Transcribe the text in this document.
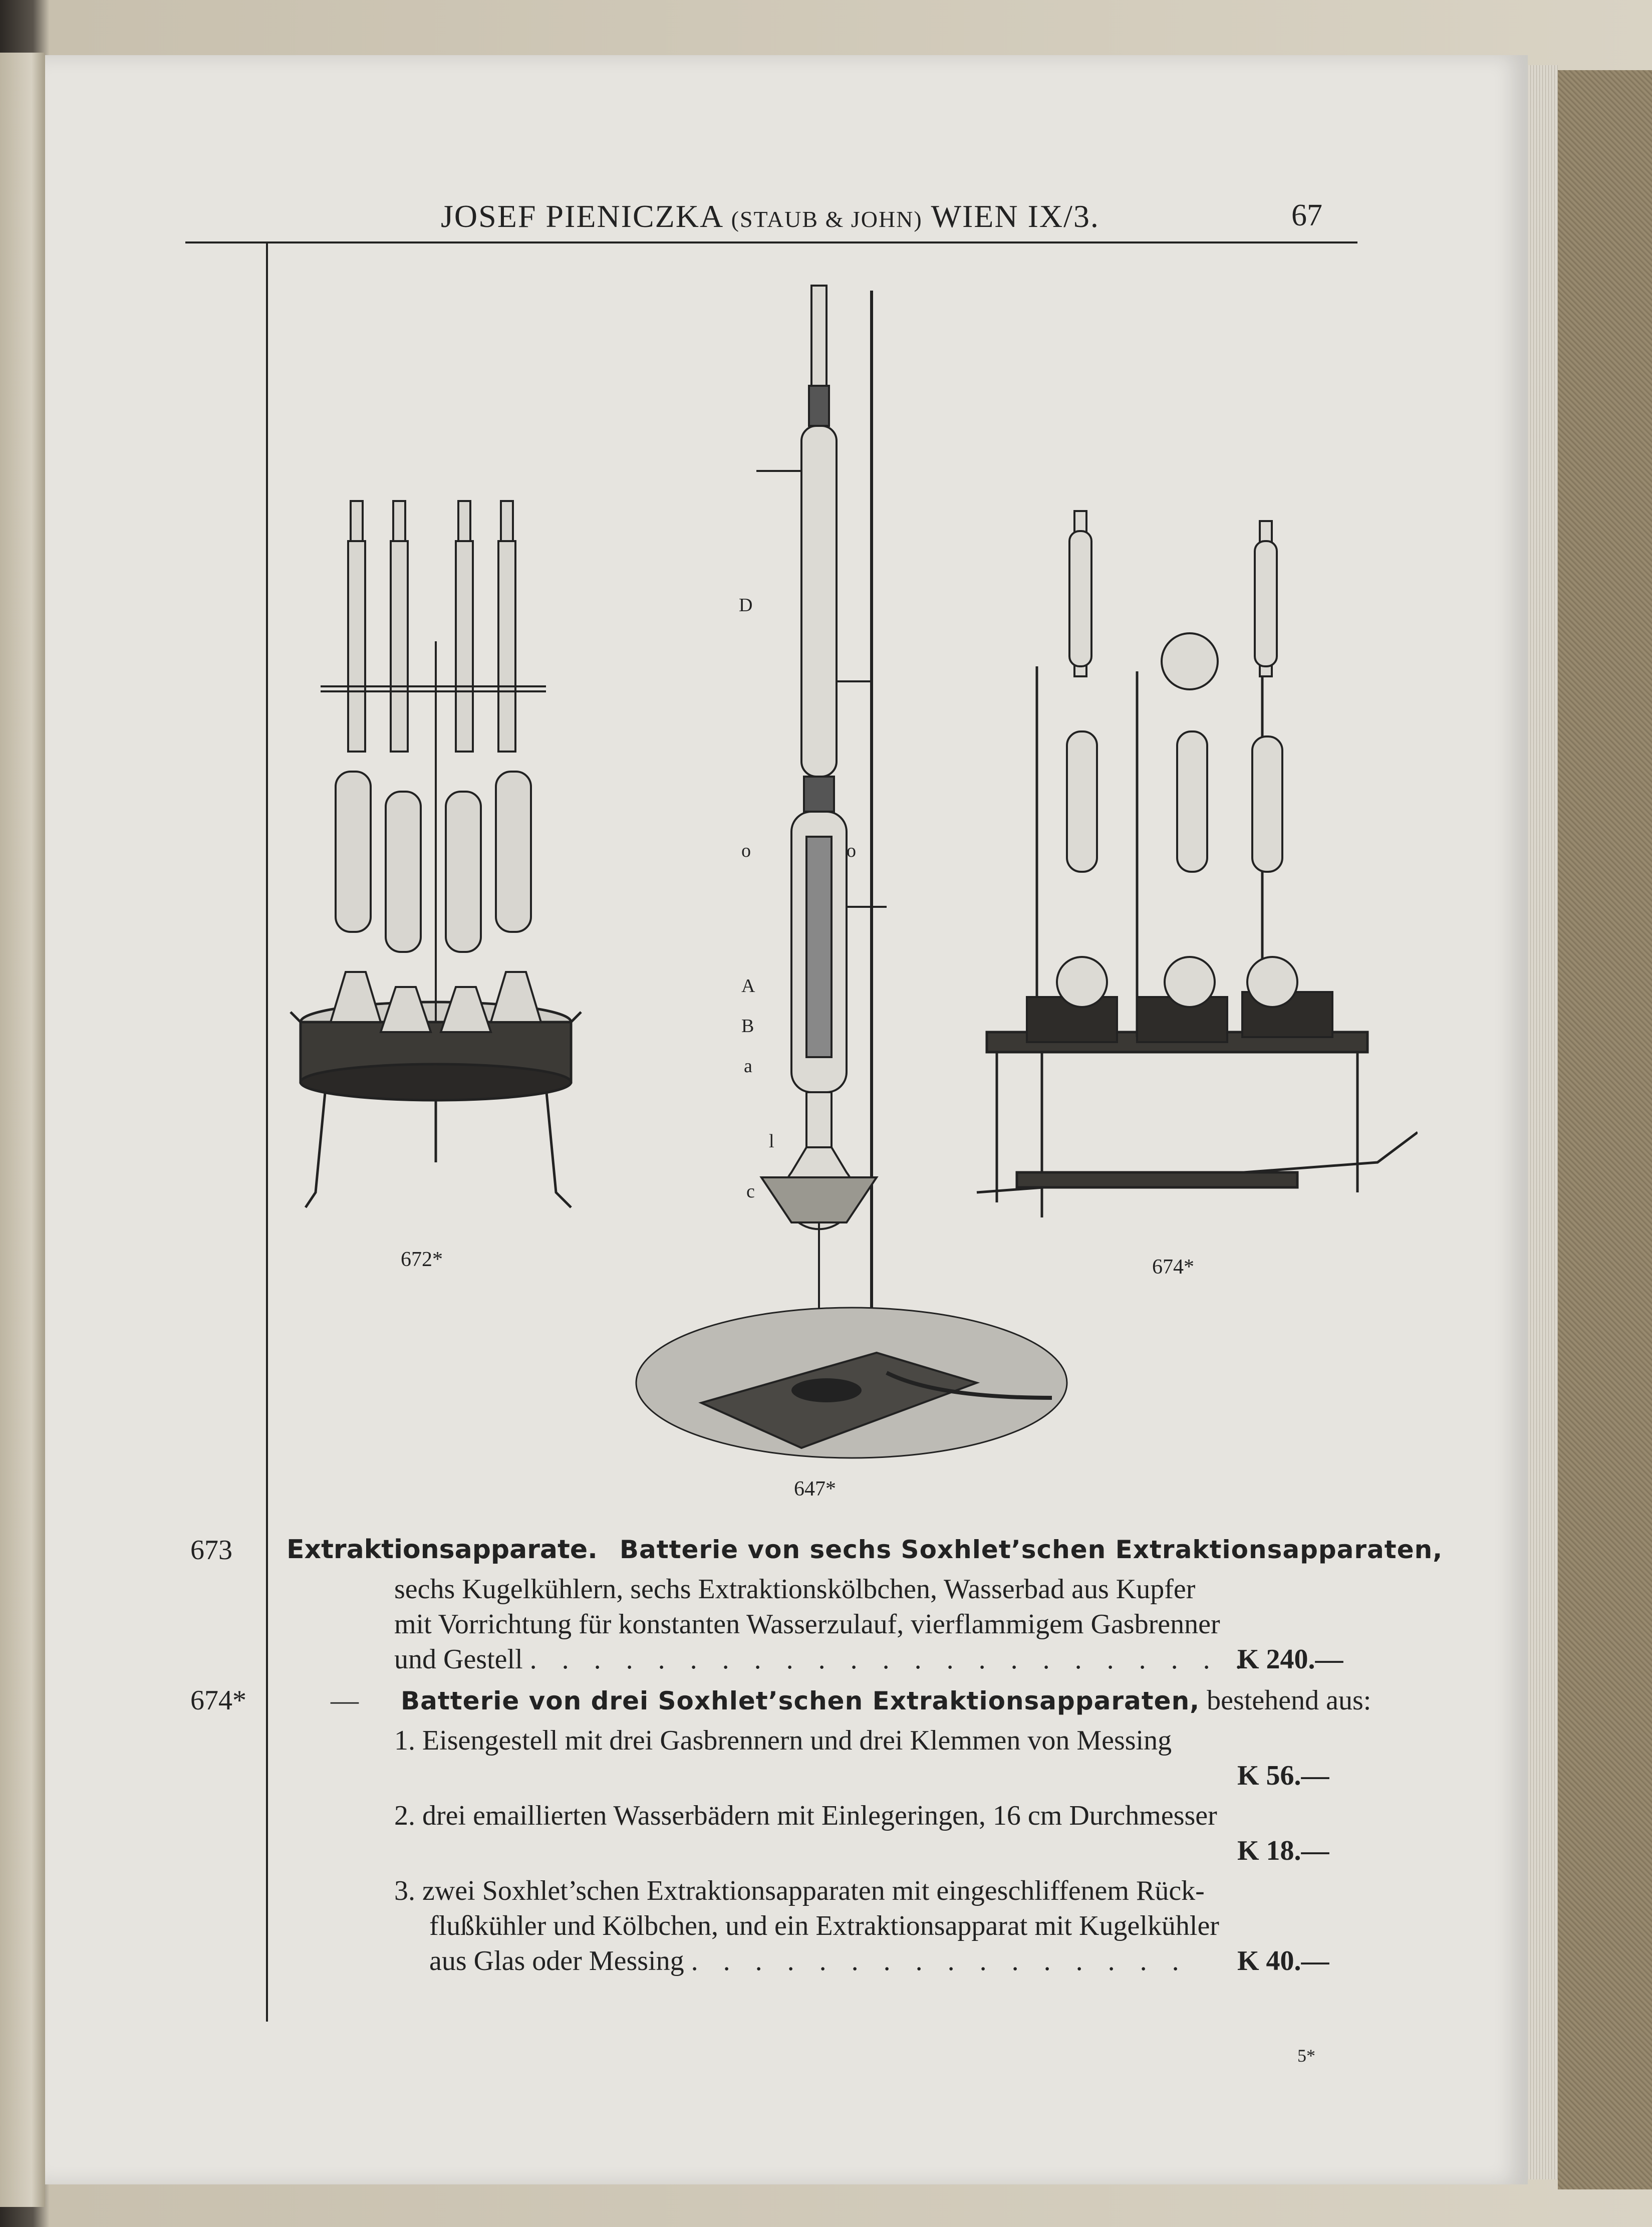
JOSEF PIENICZKA (STAUB & JOHN) WIEN IX/3.	67
672*
D
o	o
A
B
a
l
c
647*
674*
673 Extraktionsapparate. Batterie von sechs Soxhlet’schen Extraktionsapparaten,
sechs Kugelkühlern, sechs Extraktionskölbchen, Wasserbad aus Kupfer
mit Vorrichtung für konstanten Wasserzulauf, vierflammigem Gasbrenner
und Gestell . . . . . . . . . . . . . . . . . . . . . . .
K 240.—
674*	— Batterie von drei Soxhlet’schen Extraktionsapparaten, bestehend aus:
1. Eisengestell mit drei Gasbrennern und drei Klemmen von Messing
K 56.—
2. drei emaillierten Wasserbädern mit Einlegeringen, 16 cm Durchmesser
K 18.—
3. zwei Soxhlet’schen Extraktionsapparaten mit eingeschliffenem Rück-
flußkühler und Kölbchen, und ein Extraktionsapparat mit Kugelkühler
aus Glas oder Messing . . . . . . . . . . . . . . . . K 40.—
5*
